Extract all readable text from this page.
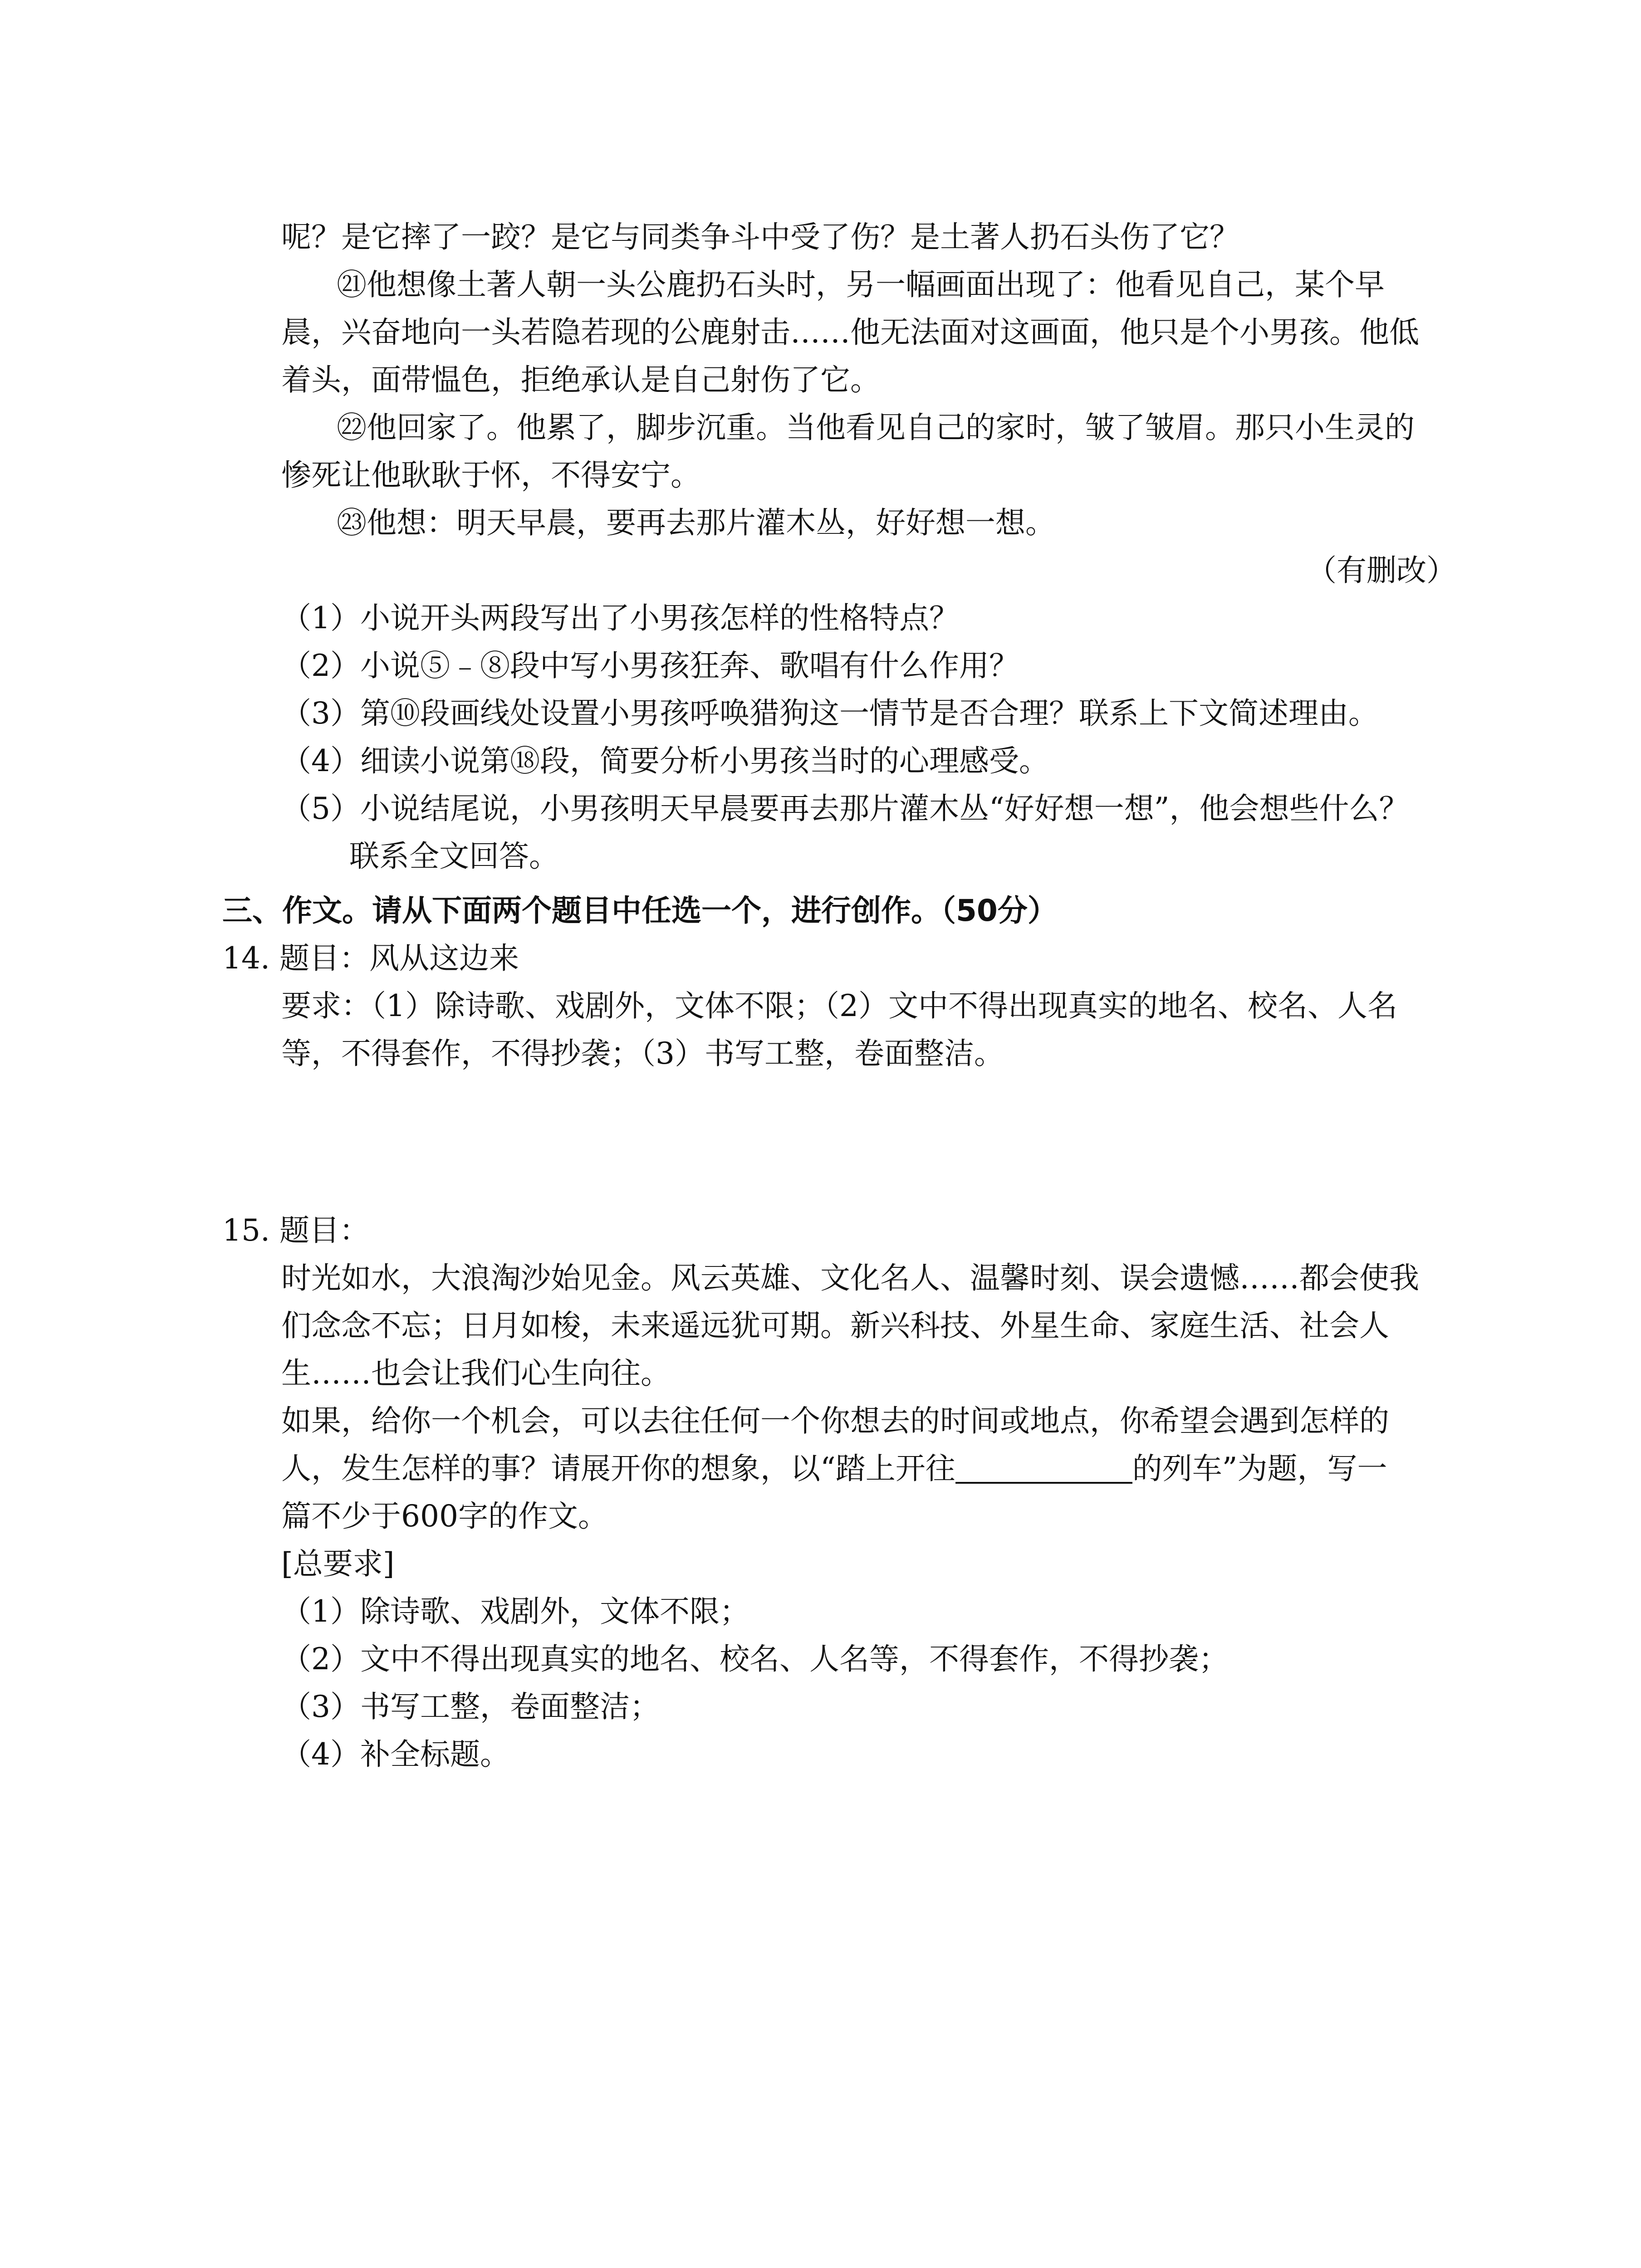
呢？是它摔了一跤？是它与同类争斗中受了伤？是土著人扔石头伤了它？
㉑他想像土著人朝一头公鹿扔石头时，另一幅画面出现了：他看见自己，某个早
晨，兴奋地向一头若隐若现的公鹿射击……他无法面对这画面，他只是个小男孩。他低
着头，面带愠色，拒绝承认是自己射伤了它。
㉒他回家了。他累了，脚步沉重。当他看见自己的家时，皱了皱眉。那只小生灵的
惨死让他耿耿于怀，不得安宁。
㉓他想：明天早晨，要再去那片灌木丛，好好想一想。
（有删改）
（1）小说开头两段写出了小男孩怎样的性格特点？
（2）小说⑤﹣⑧段中写小男孩狂奔、歌唱有什么作用？
（3）第⑩段画线处设置小男孩呼唤猎狗这一情节是否合理？联系上下文简述理由。
（4）细读小说第⑱段，简要分析小男孩当时的心理感受。
（5）小说结尾说，小男孩明天早晨要再去那片灌木丛“好好想一想”，他会想些什么？
联系全文回答。
三、作文。请从下面两个题目中任选一个，进行创作。（50分）
14. 题目：风从这边来
要求：（1）除诗歌、戏剧外，文体不限；（2）文中不得出现真实的地名、校名、人名
等，不得套作，不得抄袭；（3）书写工整，卷面整洁。
15. 题目：
时光如水，大浪淘沙始见金。风云英雄、文化名人、温馨时刻、误会遗憾……都会使我
们念念不忘；日月如梭，未来遥远犹可期。新兴科技、外星生命、家庭生活、社会人
生……也会让我们心生向往。
如果，给你一个机会，可以去往任何一个你想去的时间或地点，你希望会遇到怎样的
人，发生怎样的事？请展开你的想象，以“踏上开往	的列车”为题，写一
篇不少于600字的作文。
[总要求]
（1）除诗歌、戏剧外，文体不限；
（2）文中不得出现真实的地名、校名、人名等，不得套作，不得抄袭；
（3）书写工整，卷面整洁；
（4）补全标题。
